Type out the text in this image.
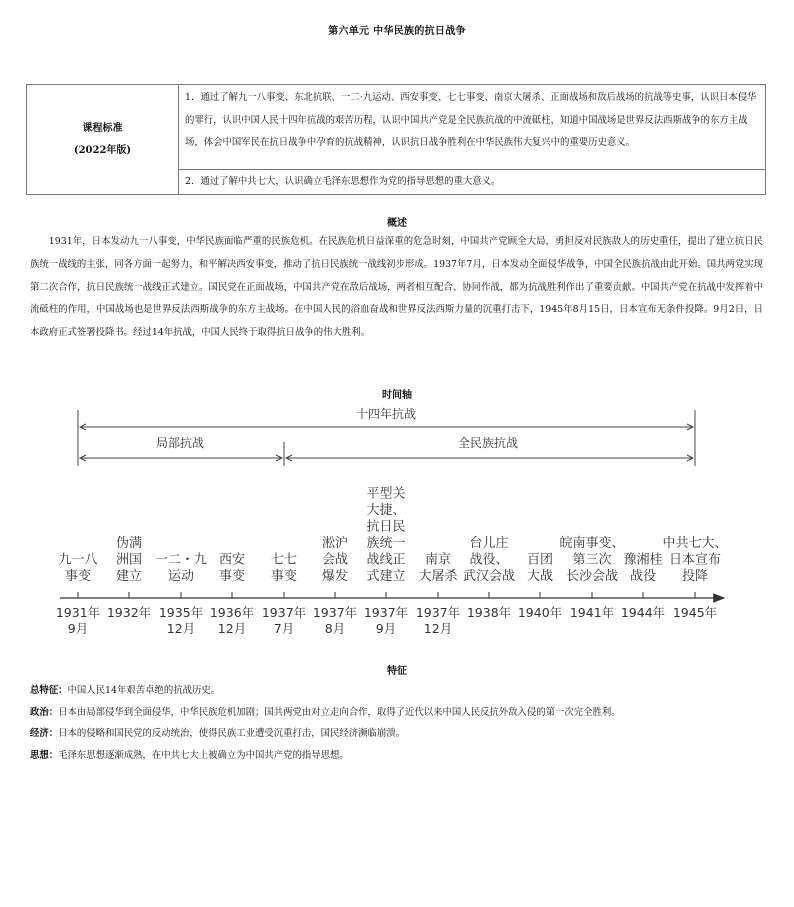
第六单元 中华民族的抗日战争
课程标准
(2022年版)
1．通过了解九一八事变、东北抗联、一二·九运动、西安事变、七七事变、南京大屠杀、正面战场和敌后战场的抗战等史事，认识日本侵华的罪行，认识中国人民十四年抗战的艰苦历程，认识中国共产党是全民族抗战的中流砥柱，知道中国战场是世界反法西斯战争的东方主战场，体会中国军民在抗日战争中孕育的抗战精神，认识抗日战争胜利在中华民族伟大复兴中的重要历史意义。
2．通过了解中共七大，认识确立毛泽东思想作为党的指导思想的重大意义。
概述
1931年，日本发动九一八事变，中华民族面临严重的民族危机。在民族危机日益深重的危急时刻，中国共产党顾全大局，勇担反对民族敌人的历史重任，提出了建立抗日民族统一战线的主张，同各方面一起努力，和平解决西安事变，推动了抗日民族统一战线初步形成。1937年7月，日本发动全面侵华战争，中国全民族抗战由此开始。国共两党实现第二次合作，抗日民族统一战线正式建立。国民党在正面战场，中国共产党在敌后战场，两者相互配合、协同作战，都为抗战胜利作出了重要贡献。中国共产党在抗战中发挥着中流砥柱的作用，中国战场也是世界反法西斯战争的东方主战场。在中国人民的浴血奋战和世界反法西斯力量的沉重打击下，1945年8月15日，日本宣布无条件投降。9月2日，日本政府正式签署投降书。经过14年抗战，中国人民终于取得抗日战争的伟大胜利。
时间轴
十四年抗战
局部抗战	全民族抗战
九一八
事变
1931年
9月
伪满
洲国
建立
1932年
一二・九
运动
1935年
12月
西安
事变
1936年
12月
七七
事变
1937年
7月
淞沪
会战
爆发
1937年
8月
平型关
大捷、
抗日民
族统一
战线正
式建立
1937年
9月
南京
大屠杀
1937年
12月
台儿庄
战役、
武汉会战
1938年
百团
大战
1940年
皖南事变、
第三次
长沙会战
1941年
豫湘桂
战役
1944年
中共七大、
日本宣布
投降
1945年
特征
总特征：中国人民14年艰苦卓绝的抗战历史。
政治：日本由局部侵华到全面侵华，中华民族危机加剧；国共两党由对立走向合作，取得了近代以来中国人民反抗外敌入侵的第一次完全胜利。
经济：日本的侵略和国民党的反动统治，使得民族工业遭受沉重打击，国民经济濒临崩溃。
思想：毛泽东思想逐渐成熟，在中共七大上被确立为中国共产党的指导思想。
